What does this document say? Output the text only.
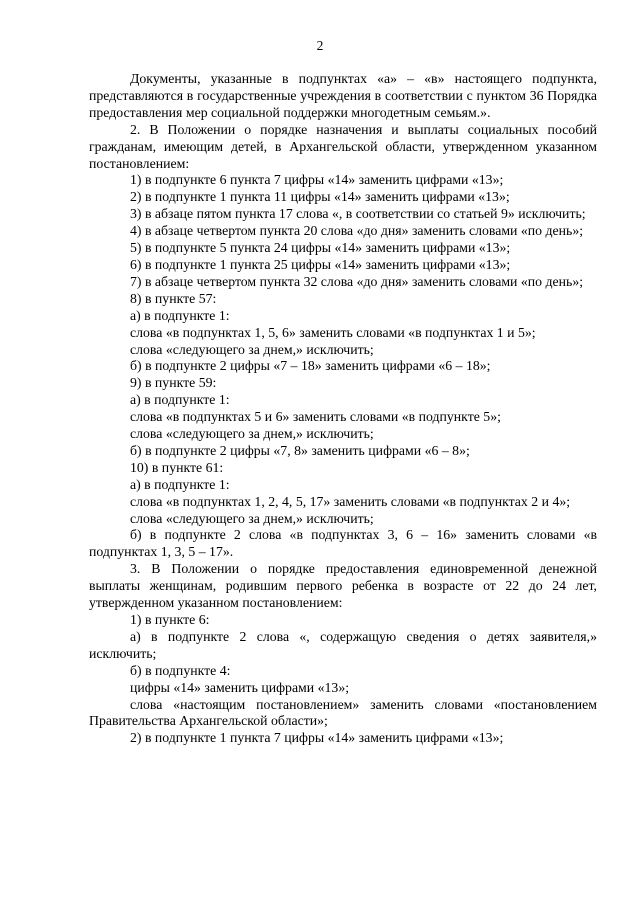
2

Документы, указанные в подпунктах «а» – «в» настоящего подпункта, представляются в государственные учреждения в соответствии с пунктом 36 Порядка предоставления мер социальной поддержки многодетным семьям.».

2. В Положении о порядке назначения и выплаты социальных пособий гражданам, имеющим детей, в Архангельской области, утвержденном указанном постановлением:

1) в подпункте 6 пункта 7 цифры «14» заменить цифрами «13»;

2) в подпункте 1 пункта 11 цифры «14» заменить цифрами «13»;

3) в абзаце пятом пункта 17 слова «, в соответствии со статьей 9» исключить;

4) в абзаце четвертом пункта 20 слова «до дня» заменить словами «по день»;

5) в подпункте 5 пункта 24 цифры «14» заменить цифрами «13»;

6) в подпункте 1 пункта 25 цифры «14» заменить цифрами «13»;

7) в абзаце четвертом пункта 32 слова «до дня» заменить словами «по день»;

8) в пункте 57:

а) в подпункте 1:

слова «в подпунктах 1, 5, 6» заменить словами «в подпунктах 1 и 5»;

слова «следующего за днем,» исключить;

б) в подпункте 2 цифры «7 – 18» заменить цифрами «6 – 18»;

9) в пункте 59:

а) в подпункте 1:

слова «в подпунктах 5 и 6» заменить словами «в подпункте 5»;

слова «следующего за днем,» исключить;

б) в подпункте 2 цифры «7, 8» заменить цифрами «6 – 8»;

10) в пункте 61:

а) в подпункте 1:

слова «в подпунктах 1, 2, 4, 5, 17» заменить словами «в подпунктах 2 и 4»;

слова «следующего за днем,» исключить;

б) в подпункте 2 слова «в подпунктах 3, 6 – 16» заменить словами «в подпунктах 1, 3, 5 – 17».

3. В Положении о порядке предоставления единовременной денежной выплаты женщинам, родившим первого ребенка в возрасте от 22 до 24 лет, утвержденном указанном постановлением:

1) в пункте 6:

а) в подпункте 2 слова «, содержащую сведения о детях заявителя,» исключить;

б) в подпункте 4:

цифры «14» заменить цифрами «13»;

слова «настоящим постановлением» заменить словами «постановлением Правительства Архангельской области»;

2) в подпункте 1 пункта 7 цифры «14» заменить цифрами «13»;
